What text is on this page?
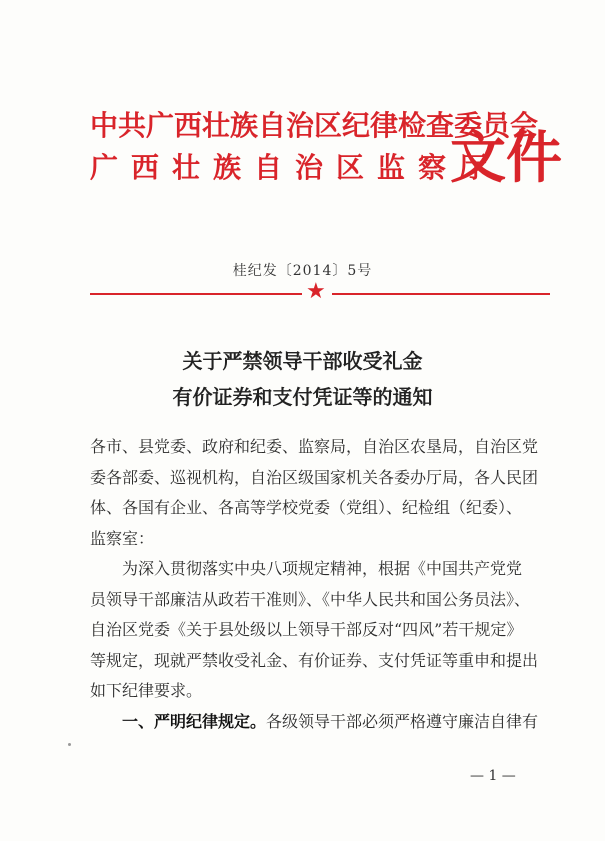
中共广西壮族自治区纪律检查委员会
广西壮族自治区监察厅
文件
桂纪发〔2014〕5号
★
关于严禁领导干部收受礼金
有价证券和支付凭证等的通知

各市、县党委、政府和纪委、监察局，自治区农垦局，自治区党

委各部委、巡视机构，自治区级国家机关各委办厅局，各人民团

体、各国有企业、各高等学校党委（党组）、纪检组（纪委）、

监察室：

为深入贯彻落实中央八项规定精神，根据《中国共产党党

员领导干部廉洁从政若干准则》、《中华人民共和国公务员法》、

自治区党委《关于县处级以上领导干部反对“四风”若干规定》

等规定，现就严禁收受礼金、有价证券、支付凭证等重申和提出

如下纪律要求。

一、严明纪律规定。各级领导干部必须严格遵守廉洁自律有

— 1 —
